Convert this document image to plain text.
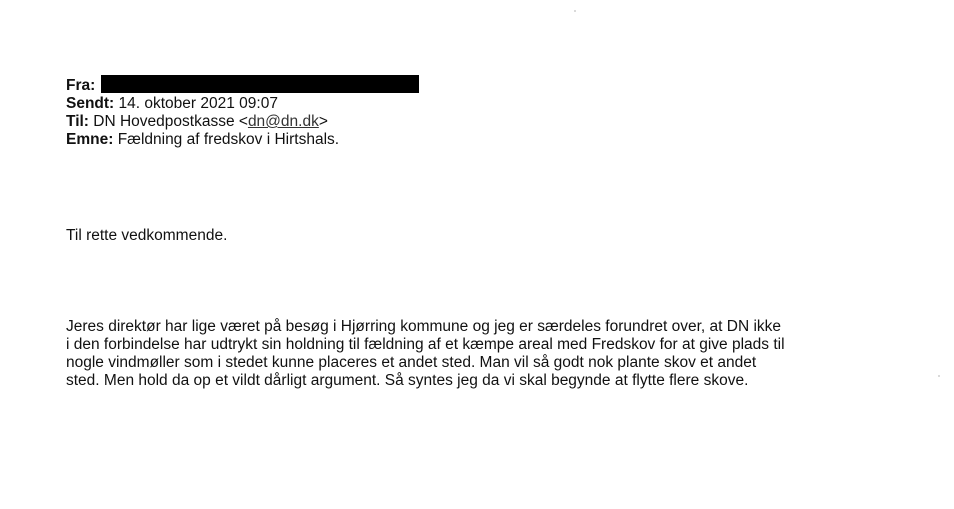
Fra:
Sendt: 14. oktober 2021 09:07
Til: DN Hovedpostkasse <dn@dn.dk>
Emne: Fældning af fredskov i Hirtshals.
Til rette vedkommende.
Jeres direktør har lige været på besøg i Hjørring kommune og jeg er særdeles forundret over, at DN ikke
i den forbindelse har udtrykt sin holdning til fældning af et kæmpe areal med Fredskov for at give plads til
nogle vindmøller som i stedet kunne placeres et andet sted. Man vil så godt nok plante skov et andet
sted. Men hold da op et vildt dårligt argument. Så syntes jeg da vi skal begynde at flytte flere skove.
